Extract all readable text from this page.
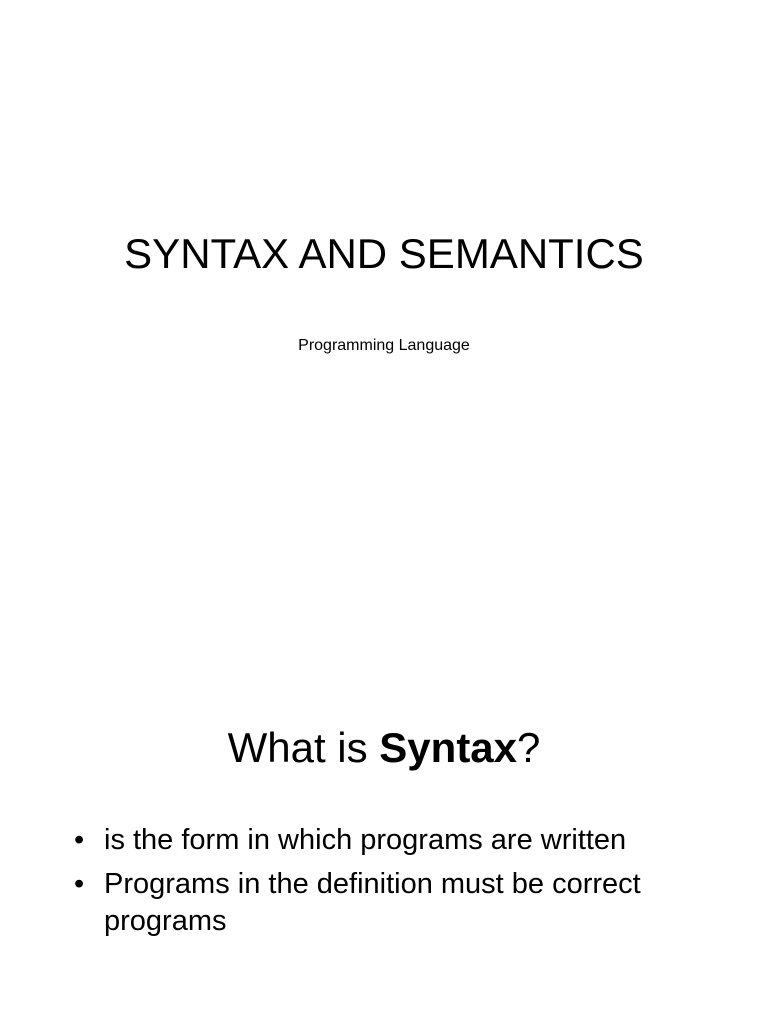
SYNTAX AND SEMANTICS

Programming Language

What is Syntax?
• is the form in which programs are written
• Programs in the definition must be correct programs
